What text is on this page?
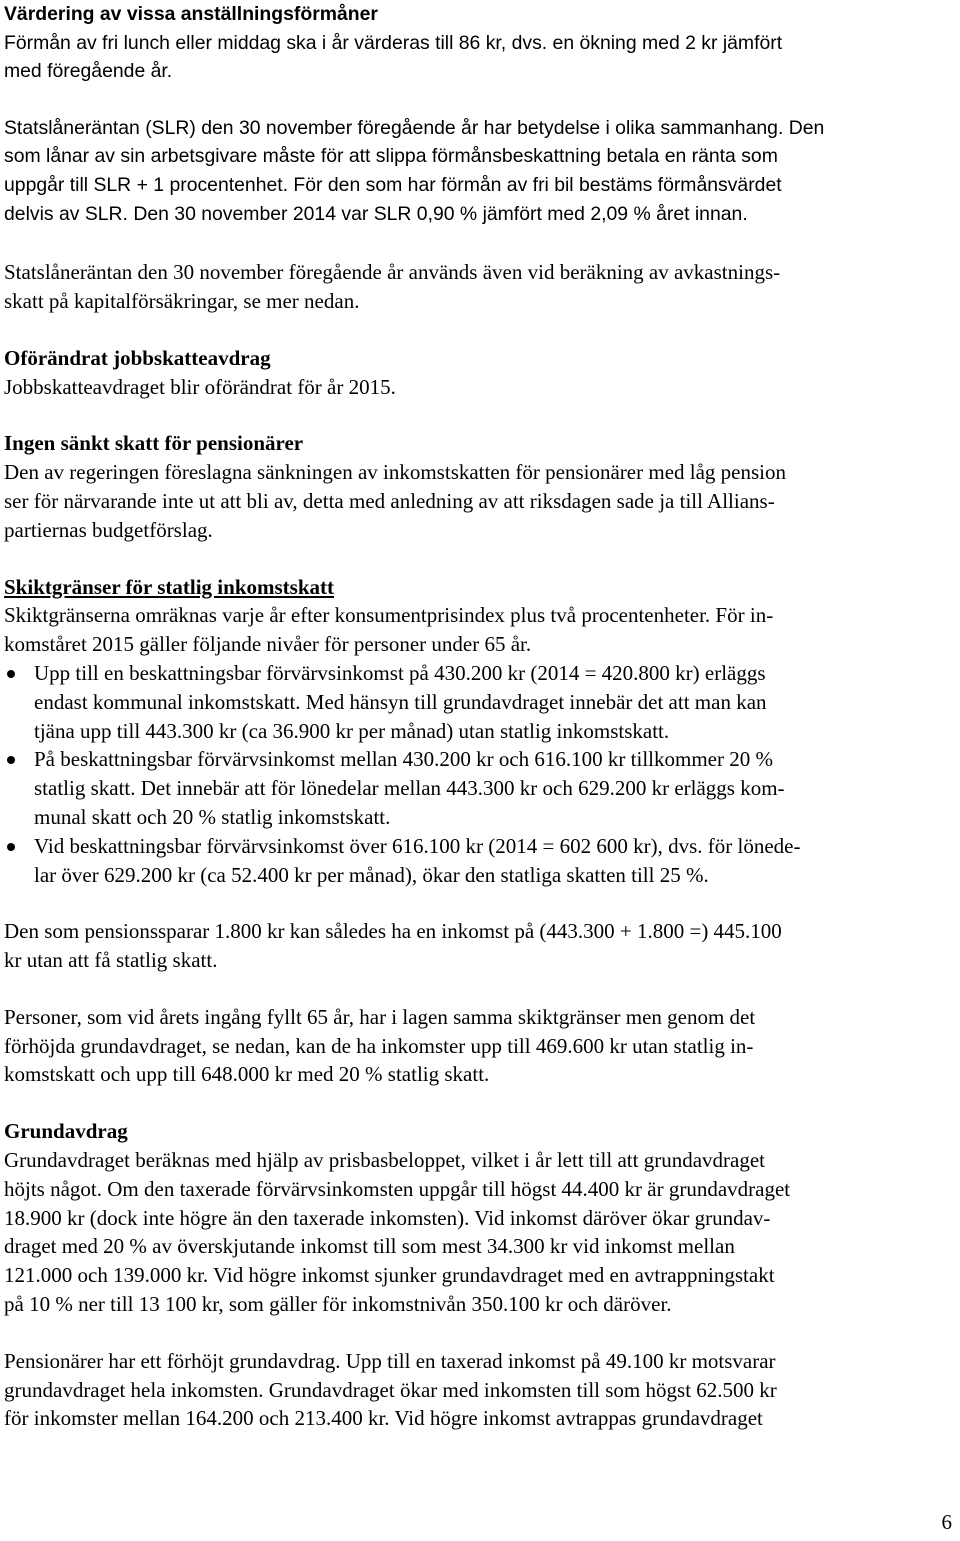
Värdering av vissa anställningsförmåner

Förmån av fri lunch eller middag ska i år värderas till 86 kr, dvs. en ökning med 2 kr jämfört

med föregående år.

Statslåneräntan (SLR) den 30 november föregående år har betydelse i olika sammanhang. Den

som lånar av sin arbetsgivare måste för att slippa förmånsbeskattning betala en ränta som

uppgår till SLR + 1 procentenhet. För den som har förmån av fri bil bestäms förmånsvärdet

delvis av SLR. Den 30 november 2014 var SLR 0,90 % jämfört med 2,09 % året innan.

Statslåneräntan den 30 november föregående år används även vid beräkning av avkastnings-

skatt på kapitalförsäkringar, se mer nedan.

Oförändrat jobbskatteavdrag

Jobbskatteavdraget blir oförändrat för år 2015.

Ingen sänkt skatt för pensionärer

Den av regeringen föreslagna sänkningen av inkomstskatten för pensionärer med låg pension

ser för närvarande inte ut att bli av, detta med anledning av att riksdagen sade ja till Allians-

partiernas budgetförslag.

Skiktgränser för statlig inkomstskatt

Skiktgränserna omräknas varje år efter konsumentprisindex plus två procentenheter. För in-

komståret 2015 gäller följande nivåer för personer under 65 år.

Upp till en beskattningsbar förvärvsinkomst på 430.200 kr (2014 = 420.800 kr) erläggs

endast kommunal inkomstskatt. Med hänsyn till grundavdraget innebär det att man kan

tjäna upp till 443.300 kr (ca 36.900 kr per månad) utan statlig inkomstskatt.

På beskattningsbar förvärvsinkomst mellan 430.200 kr och 616.100 kr tillkommer 20 %

statlig skatt. Det innebär att för lönedelar mellan 443.300 kr och 629.200 kr erläggs kom-

munal skatt och 20 % statlig inkomstskatt.

Vid beskattningsbar förvärvsinkomst över 616.100 kr (2014 = 602 600 kr), dvs. för lönede-

lar över 629.200 kr (ca 52.400 kr per månad), ökar den statliga skatten till 25 %.

Den som pensionssparar 1.800 kr kan således ha en inkomst på (443.300 + 1.800 =) 445.100

kr utan att få statlig skatt.

Personer, som vid årets ingång fyllt 65 år, har i lagen samma skiktgränser men genom det

förhöjda grundavdraget, se nedan, kan de ha inkomster upp till 469.600 kr utan statlig in-

komstskatt och upp till 648.000 kr med 20 % statlig skatt.

Grundavdrag

Grundavdraget beräknas med hjälp av prisbasbeloppet, vilket i år lett till att grundavdraget

höjts något. Om den taxerade förvärvsinkomsten uppgår till högst 44.400 kr är grundavdraget

18.900 kr (dock inte högre än den taxerade inkomsten). Vid inkomst däröver ökar grundav-

draget med 20 % av överskjutande inkomst till som mest 34.300 kr vid inkomst mellan

121.000 och 139.000 kr. Vid högre inkomst sjunker grundavdraget med en avtrappningstakt

på 10 % ner till 13 100 kr, som gäller för inkomstnivån 350.100 kr och däröver.

Pensionärer har ett förhöjt grundavdrag. Upp till en taxerad inkomst på 49.100 kr motsvarar

grundavdraget hela inkomsten. Grundavdraget ökar med inkomsten till som högst 62.500 kr

för inkomster mellan 164.200 och 213.400 kr. Vid högre inkomst avtrappas grundavdraget

6
